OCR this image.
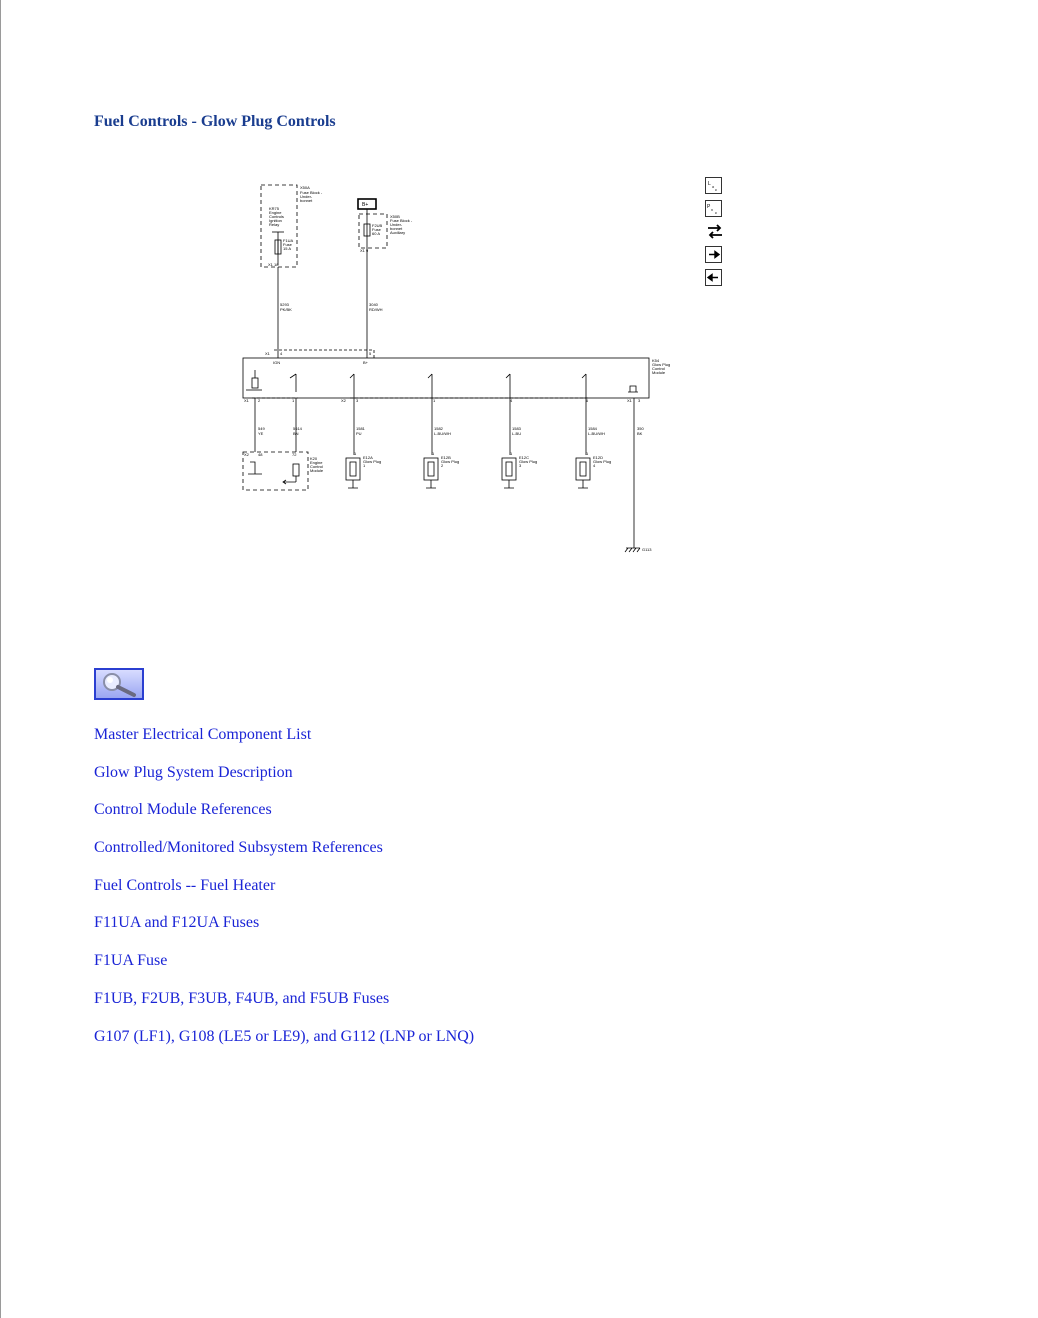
Fuel Controls - Glow Plug Controls
X50A
Fuse Block -
Under-
bonnet
KR75
Engine
Controls
Ignition
Relay
F1UA
Fuse
15 A
X1 18
B+
X50B
Fuse Block -
Under-
bonnet
Auxiliary
F2UB
Fuse
60 A
X1 9
5293
PK/BK
3040
RD/WH
X1	4	5
IGN	B+	K54
Glow Plug
Control
Module
X1 2	1	X2	3	1	4	6	X1 3
549
YE
5614
BN
1581
PU
1582
L-BU/WH
1583
L-BU
1584
L-BU/WH
350
BK
X2 48	72
K20
Engine
Control
Module
1
E12A
Glow Plug
1
1
E12B
Glow Plug
2
1
E12C
Glow Plug
3
1
E12D
Glow Plug
4
G113
L o
c
P x
c
Master Electrical Component List
Glow Plug System Description
Control Module References
Controlled/Monitored Subsystem References
Fuel Controls -- Fuel Heater
F11UA and F12UA Fuses
F1UA Fuse
F1UB, F2UB, F3UB, F4UB, and F5UB Fuses
G107 (LF1), G108 (LE5 or LE9), and G112 (LNP or LNQ)
